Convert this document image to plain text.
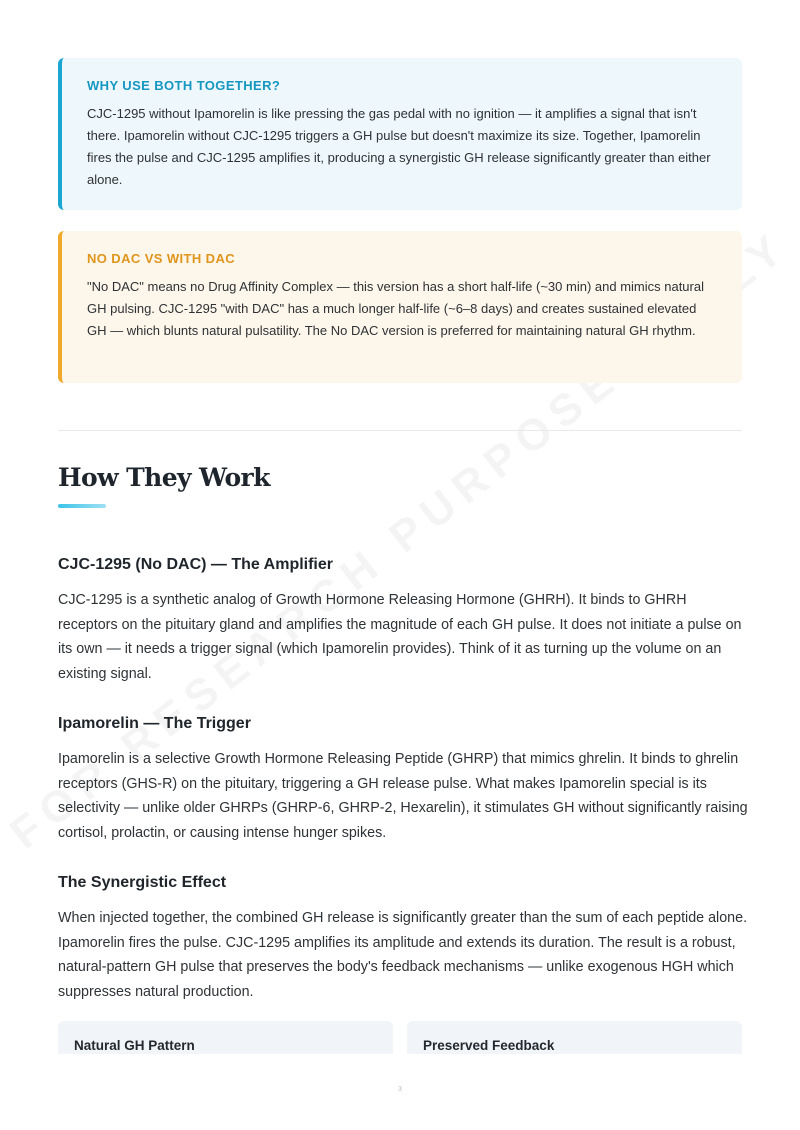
WHY USE BOTH TOGETHER?

CJC-1295 without Ipamorelin is like pressing the gas pedal with no ignition — it amplifies a signal that isn't there. Ipamorelin without CJC-1295 triggers a GH pulse but doesn't maximize its size. Together, Ipamorelin fires the pulse and CJC-1295 amplifies it, producing a synergistic GH release significantly greater than either alone.

NO DAC VS WITH DAC

"No DAC" means no Drug Affinity Complex — this version has a short half-life (~30 min) and mimics natural GH pulsing. CJC-1295 "with DAC" has a much longer half-life (~6–8 days) and creates sustained elevated GH — which blunts natural pulsatility. The No DAC version is preferred for maintaining natural GH rhythm.

How They Work
CJC-1295 (No DAC) — The Amplifier

CJC-1295 is a synthetic analog of Growth Hormone Releasing Hormone (GHRH). It binds to GHRH receptors on the pituitary gland and amplifies the magnitude of each GH pulse. It does not initiate a pulse on its own — it needs a trigger signal (which Ipamorelin provides). Think of it as turning up the volume on an existing signal.

Ipamorelin — The Trigger

Ipamorelin is a selective Growth Hormone Releasing Peptide (GHRP) that mimics ghrelin. It binds to ghrelin receptors (GHS-R) on the pituitary, triggering a GH release pulse. What makes Ipamorelin special is its selectivity — unlike older GHRPs (GHRP-6, GHRP-2, Hexarelin), it stimulates GH without significantly raising cortisol, prolactin, or causing intense hunger spikes.

The Synergistic Effect

When injected together, the combined GH release is significantly greater than the sum of each peptide alone. Ipamorelin fires the pulse. CJC-1295 amplifies its amplitude and extends its duration. The result is a robust, natural-pattern GH pulse that preserves the body's feedback mechanisms — unlike exogenous HGH which suppresses natural production.

Natural GH Pattern	Preserved Feedback
3
